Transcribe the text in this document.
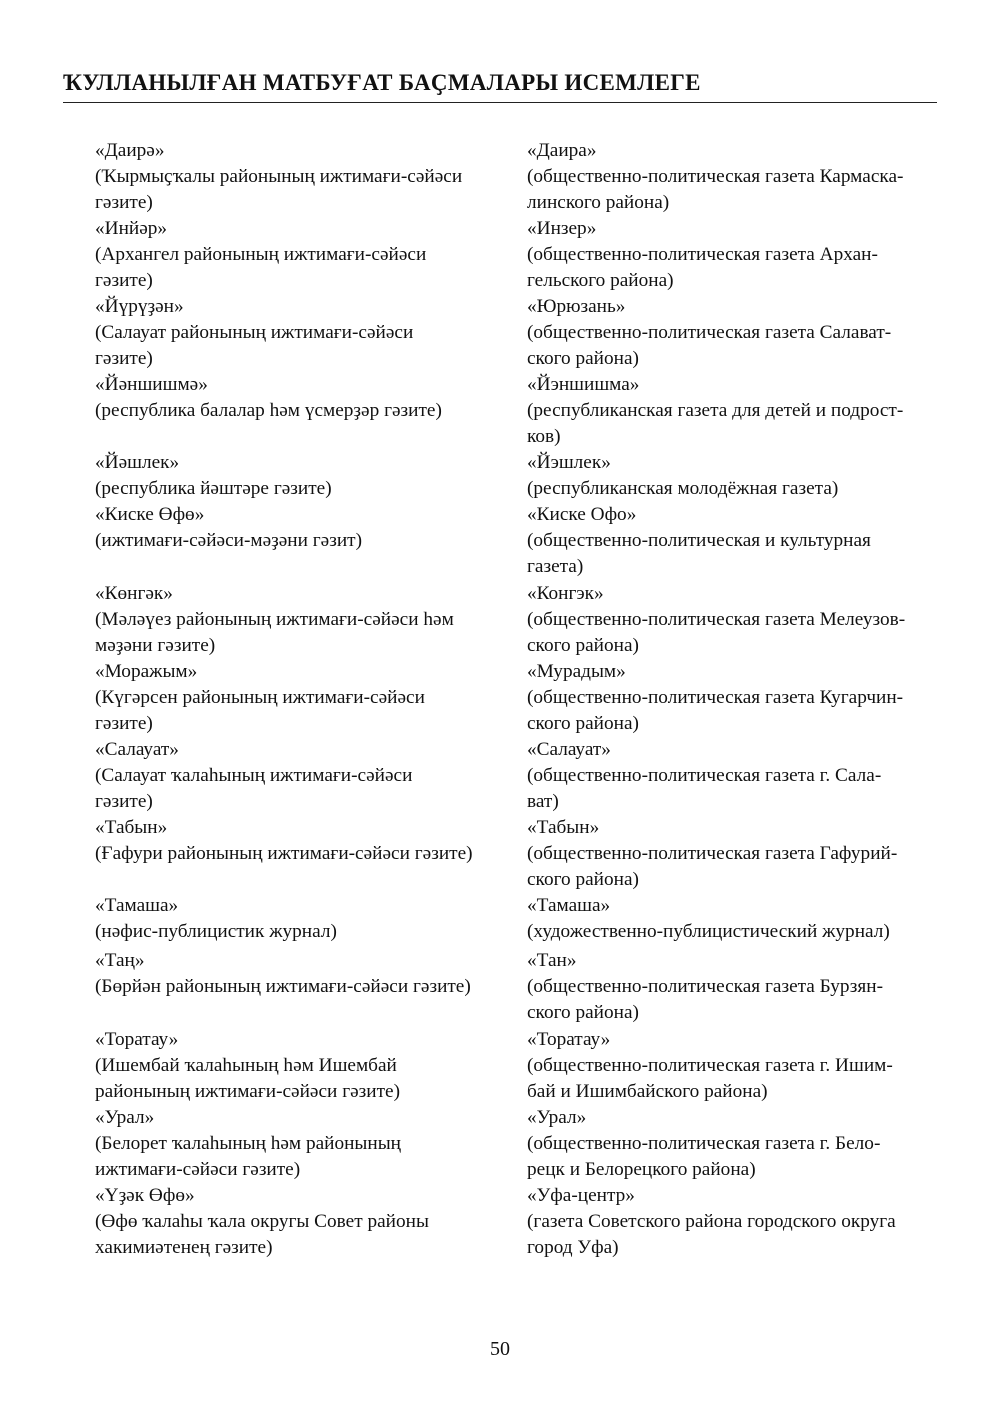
ҠУЛЛАНЫЛҒАН МАТБУҒАТ БАҪМАЛАРЫ ИСЕМЛЕГЕ
«Даирә»
(Ҡырмыҫҡалы районының ижтимағи-сәйәси
гәзите)
«Даира»
(общественно-политическая газета Кармаска-
линского района)
«Инйәр»
(Архангел районының ижтимағи-сәйәси
гәзите)
«Инзер»
(общественно-политическая газета Архан-
гельского района)
«Йүрүҙән»
(Салауат районының ижтимағи-сәйәси
гәзите)
«Юрюзань»
(общественно-политическая газета Салават-
ского района)
«Йәншишмә»
(республика балалар һәм үсмерҙәр гәзите)
«Йэншишма»
(республиканская газета для детей и подрост-
ков)
«Йәшлек»
(республика йәштәре гәзите)
«Йэшлек»
(республиканская молодёжная газета)
«Киске Өфө»
(ижтимағи-сәйәси-мәҙәни гәзит)
«Киске Офо»
(общественно-политическая и культурная
газета)
«Көнгәк»
(Мәләүез районының ижтимағи-сәйәси һәм
мәҙәни гәзите)
«Конгэк»
(общественно-политическая газета Мелеузов-
ского района)
«Моражым»
(Күгәрсен районының ижтимағи-сәйәси
гәзите)
«Мурадым»
(общественно-политическая газета Кугарчин-
ского района)
«Салауат»
(Салауат ҡалаһының ижтимағи-сәйәси
гәзите)
«Салауат»
(общественно-политическая газета г. Сала-
ват)
«Табын»
(Ғафури районының ижтимағи-сәйәси гәзите)
«Табын»
(общественно-политическая газета Гафурий-
ского района)
«Тамаша»
(нәфис-публицистик журнал)
«Тамаша»
(художественно-публицистический журнал)
«Таң»
(Бөрйән районының ижтимағи-сәйәси гәзите)
«Тан»
(общественно-политическая газета Бурзян-
ского района)
«Торатау»
(Ишембай ҡалаһының һәм Ишембай
районының ижтимағи-сәйәси гәзите)
«Торатау»
(общественно-политическая газета г. Ишим-
бай и Ишимбайского района)
«Урал»
(Белорет ҡалаһының һәм районының
ижтимағи-сәйәси гәзите)
«Урал»
(общественно-политическая газета г. Бело-
рецк и Белорецкого района)
«Үҙәк Өфө»
(Өфө ҡалаһы ҡала округы Совет районы
хакимиәтенең гәзите)
«Уфа-центр»
(газета Советского района городского округа
город Уфа)
50
